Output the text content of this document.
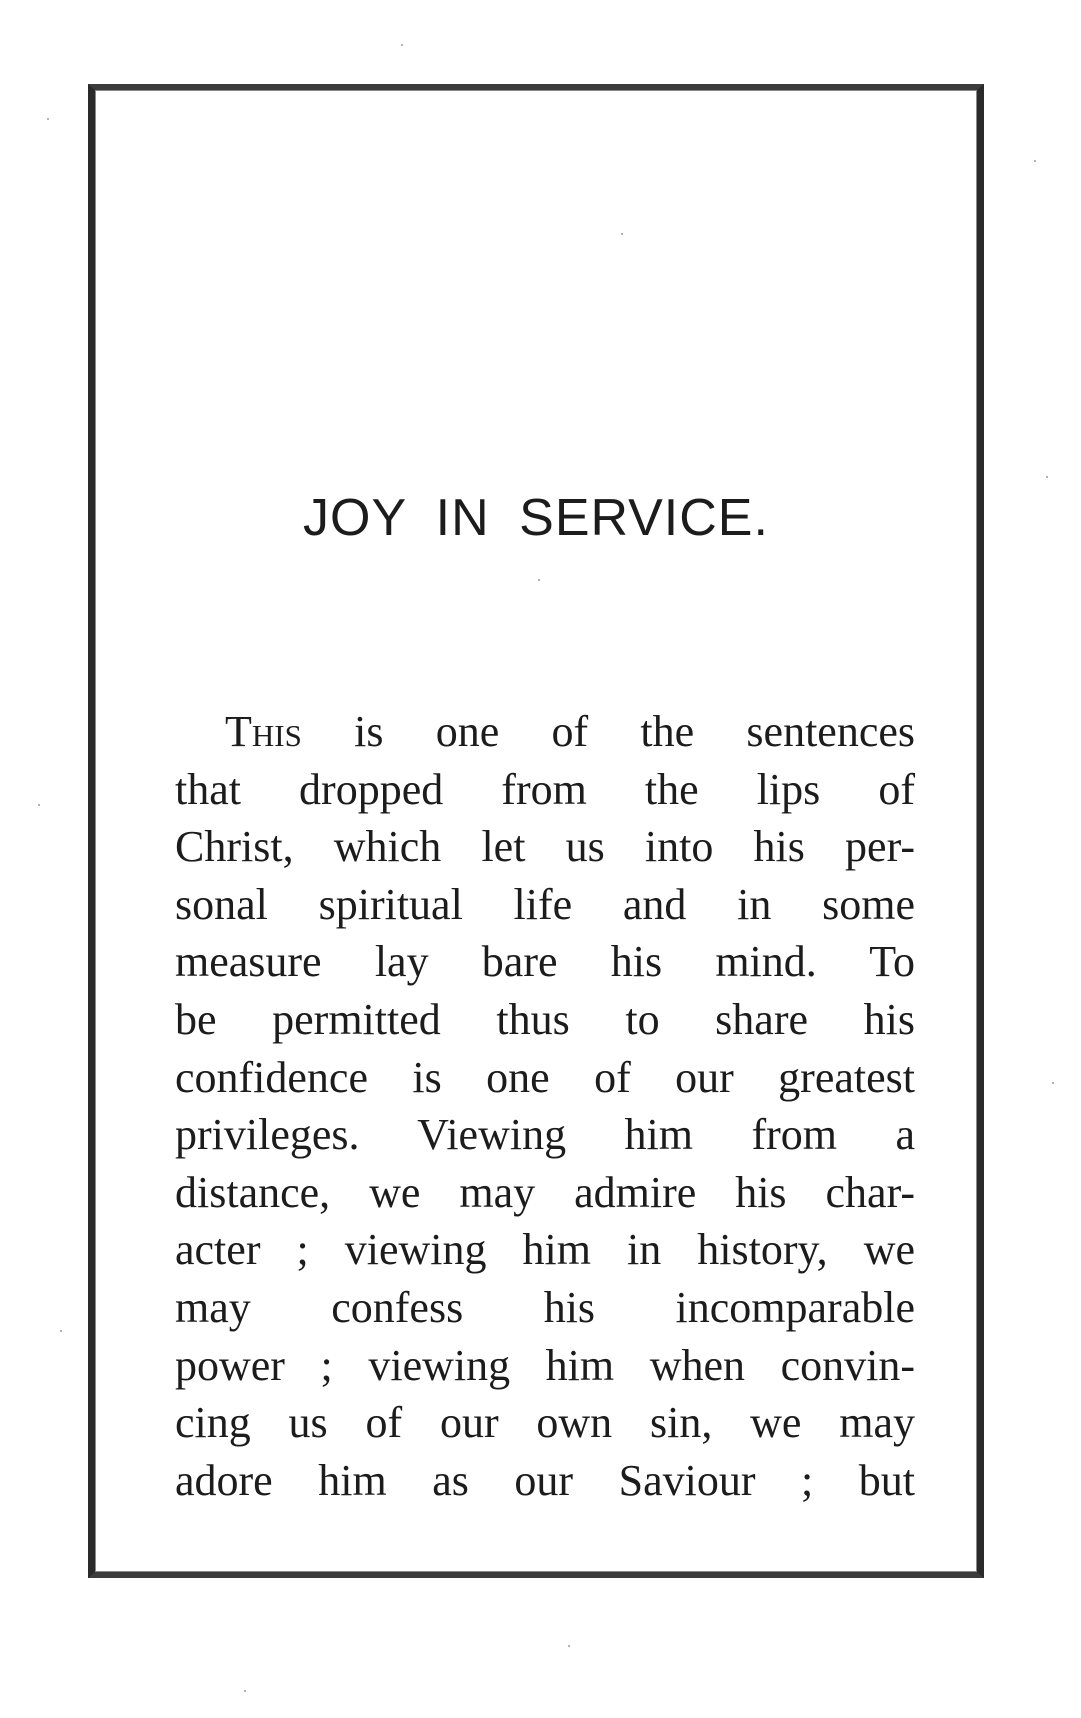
JOY IN SERVICE.
This is one of the sentences
that dropped from the lips of
Christ, which let us into his per-
sonal spiritual life and in some
measure lay bare his mind. To
be permitted thus to share his
confidence is one of our greatest
privileges. Viewing him from a
distance, we may admire his char-
acter ; viewing him in history, we
may confess his incomparable
power ; viewing him when convin-
cing us of our own sin, we may
adore him as our Saviour ; but
